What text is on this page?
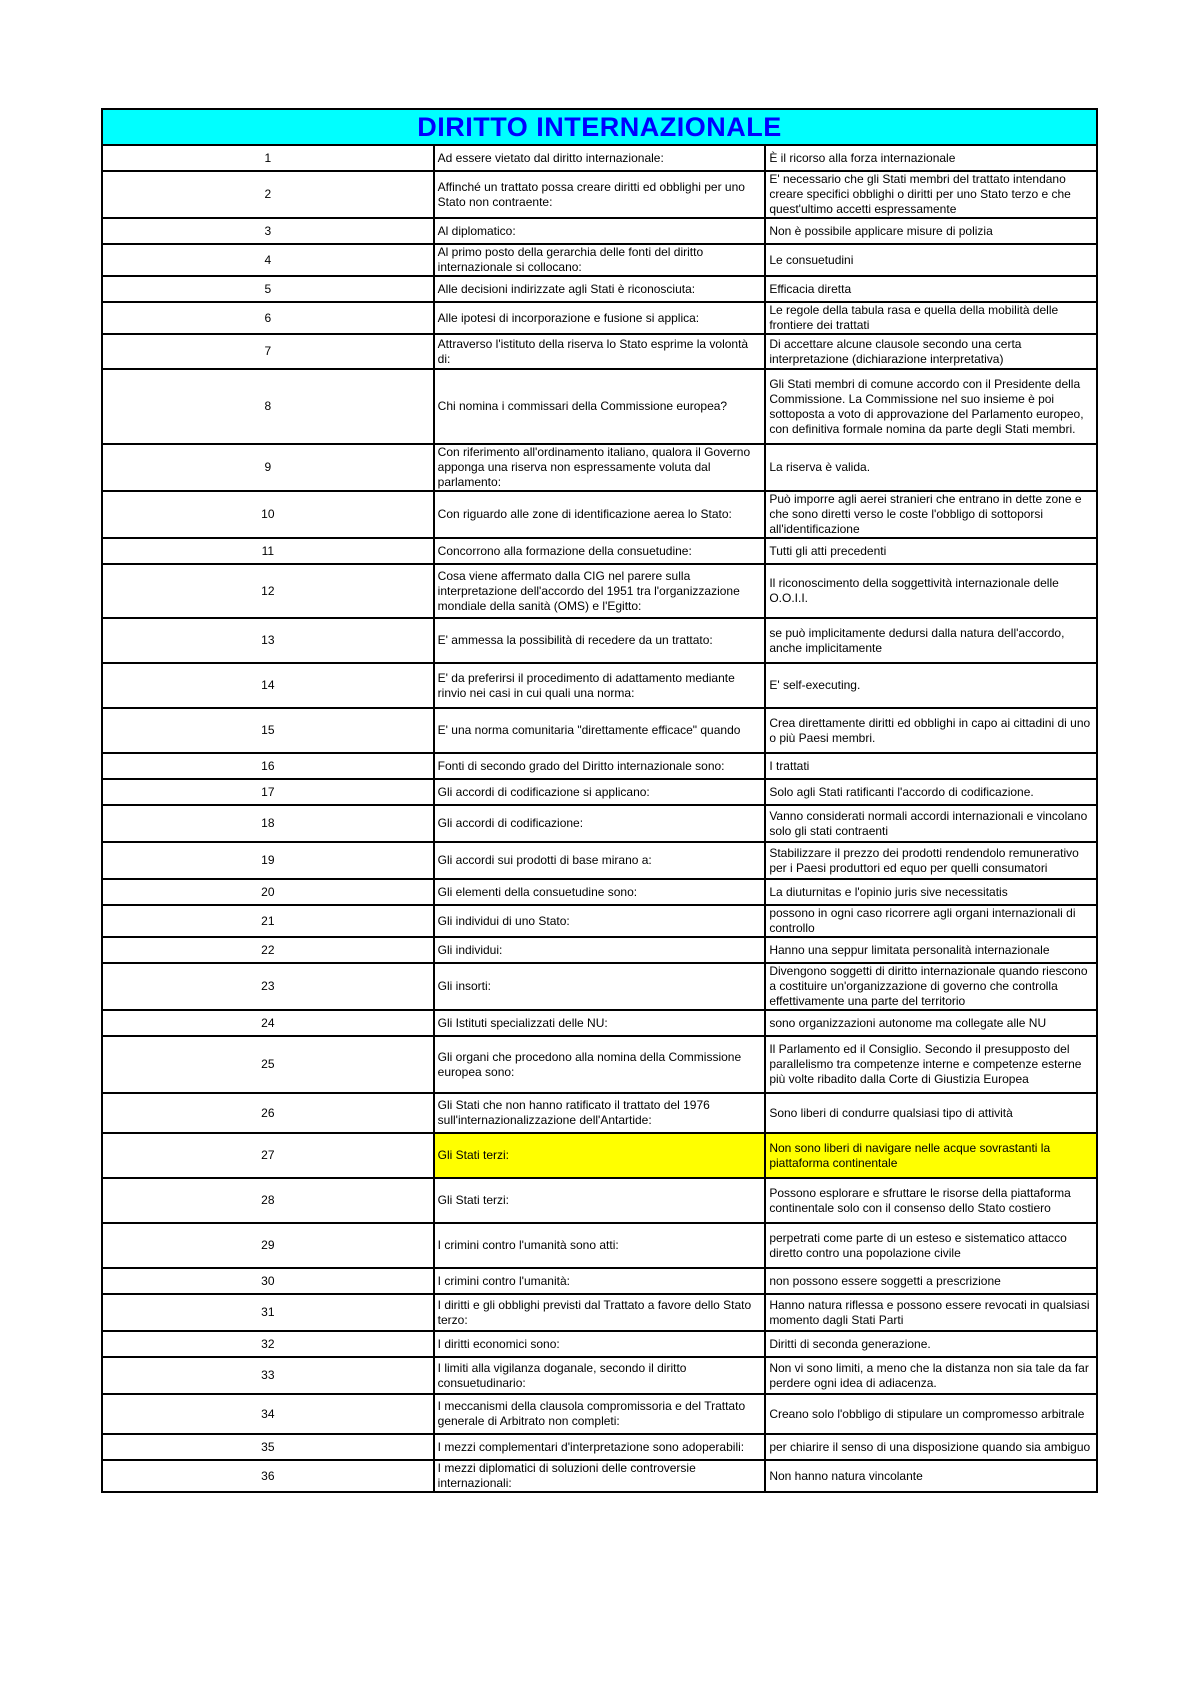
DIRITTO INTERNAZIONALE		
1	Ad essere vietato dal diritto internazionale:	È il ricorso alla forza internazionale
2	Affinché un trattato possa creare diritti ed obblighi per uno Stato non contraente:	E' necessario che gli Stati membri del trattato intendano creare specifici obblighi o diritti per uno Stato terzo e che quest'ultimo accetti espressamente
3	Al diplomatico:	Non è possibile applicare misure di polizia
4	Al primo posto della gerarchia delle fonti del diritto internazionale si collocano:	Le consuetudini
5	Alle decisioni indirizzate agli Stati è riconosciuta:	Efficacia diretta
6	Alle ipotesi di incorporazione e fusione si applica:	Le regole della tabula rasa e quella della mobilità delle frontiere dei trattati
7	Attraverso l'istituto della riserva lo Stato esprime la volontà di:	Di accettare alcune clausole secondo una certa interpretazione (dichiarazione interpretativa)
8	Chi nomina i commissari della Commissione europea?	Gli Stati membri di comune accordo con il Presidente della Commissione. La Commissione nel suo insieme è poi sottoposta a voto di approvazione del Parlamento europeo, con definitiva formale nomina da parte degli Stati membri.
9	Con riferimento all'ordinamento italiano, qualora il Governo apponga una riserva non espressamente voluta dal parlamento:	La riserva è valida.
10	Con riguardo alle zone di identificazione aerea lo Stato:	Può imporre agli aerei stranieri che entrano in dette zone e che sono diretti verso le coste l'obbligo di sottoporsi all'identificazione
11	Concorrono alla formazione della consuetudine:	Tutti gli atti precedenti
12	Cosa viene affermato dalla CIG nel parere sulla interpretazione dell'accordo del 1951 tra l'organizzazione mondiale della sanità (OMS) e l'Egitto:	Il riconoscimento della soggettività internazionale delle O.O.I.I.
13	E' ammessa la possibilità di recedere da un trattato:	se può implicitamente dedursi dalla natura dell'accordo, anche implicitamente
14	E' da preferirsi il procedimento di adattamento mediante rinvio nei casi in cui quali una norma:	E' self-executing.
15	E' una norma comunitaria "direttamente efficace" quando	Crea direttamente diritti ed obblighi in capo ai cittadini di uno o più Paesi membri.
16	Fonti di secondo grado del Diritto internazionale sono:	I trattati
17	Gli accordi di codificazione si applicano:	Solo agli Stati ratificanti l'accordo di codificazione.
18	Gli accordi di codificazione:	Vanno considerati normali accordi internazionali e vincolano solo gli stati contraenti
19	Gli accordi sui prodotti di base mirano a:	Stabilizzare il prezzo dei prodotti rendendolo remunerativo per i Paesi produttori ed equo per quelli consumatori
20	Gli elementi della consuetudine sono:	La diuturnitas e l'opinio juris sive necessitatis
21	Gli individui di uno Stato:	possono in ogni caso ricorrere agli organi internazionali di controllo
22	Gli individui:	Hanno una seppur limitata personalità internazionale
23	Gli insorti:	Divengono soggetti di diritto internazionale quando riescono a costituire un'organizzazione di governo che controlla effettivamente una parte del territorio
24	Gli Istituti specializzati delle NU:	sono organizzazioni autonome ma collegate alle NU
25	Gli organi che procedono alla nomina della Commissione europea sono:	Il Parlamento ed il Consiglio. Secondo il presupposto del parallelismo tra competenze interne e competenze esterne più volte ribadito dalla Corte di Giustizia Europea
26	Gli Stati che non hanno ratificato il trattato del 1976 sull'internazionalizzazione dell'Antartide:	Sono liberi di condurre qualsiasi tipo di attività
27	Gli Stati terzi:	Non sono liberi di navigare nelle acque sovrastanti la piattaforma continentale
28	Gli Stati terzi:	Possono esplorare e sfruttare le risorse della piattaforma continentale solo con il consenso dello Stato costiero
29	I crimini contro l'umanità sono atti:	perpetrati come parte di un esteso e sistematico attacco diretto contro una popolazione civile
30	I crimini contro l'umanità:	non possono essere soggetti a prescrizione
31	I diritti e gli obblighi previsti dal Trattato a favore dello Stato terzo:	Hanno natura riflessa e possono essere revocati in qualsiasi momento dagli Stati Parti
32	I diritti economici sono:	Diritti di seconda generazione.
33	I limiti alla vigilanza doganale, secondo il diritto consuetudinario:	Non vi sono limiti, a meno che la distanza non sia tale da far perdere ogni idea di adiacenza.
34	I meccanismi della clausola compromissoria e del Trattato generale di Arbitrato non completi:	Creano solo l'obbligo di stipulare un compromesso arbitrale
35	I mezzi complementari d'interpretazione sono adoperabili:	per chiarire il senso di una disposizione quando sia ambiguo
36	I mezzi diplomatici di soluzioni delle controversie internazionali:	Non hanno natura vincolante
